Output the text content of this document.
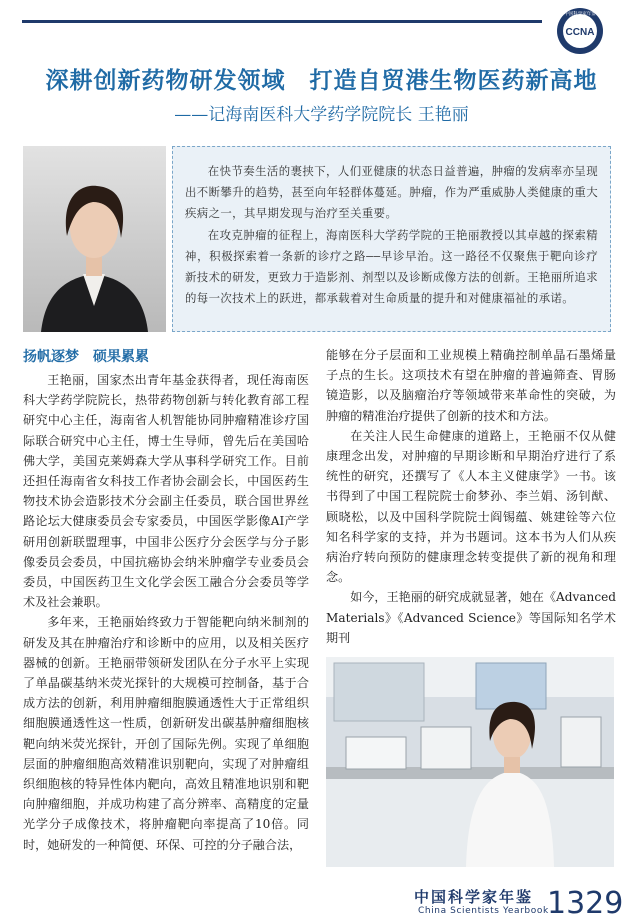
CCNA
中国科学家年鉴
深耕创新药物研发领域　打造自贸港生物医药新高地
——记海南医科大学药学院院长 王艳丽

在快节奏生活的裹挟下，人们亚健康的状态日益普遍，肿瘤的发病率亦呈现出不断攀升的趋势，甚至向年轻群体蔓延。肿瘤，作为严重威胁人类健康的重大疾病之一，其早期发现与治疗至关重要。

在攻克肿瘤的征程上，海南医科大学药学院的王艳丽教授以其卓越的探索精神，积极探索着一条新的诊疗之路——早诊早治。这一路径不仅聚焦于靶向诊疗新技术的研发，更致力于造影剂、剂型以及诊断成像方法的创新。王艳丽所追求的每一次技术上的跃进，都承载着对生命质量的提升和对健康福祉的承诺。

扬帆逐梦　硕果累累

王艳丽，国家杰出青年基金获得者，现任海南医科大学药学院院长，热带药物创新与转化教育部工程研究中心主任，海南省人机智能协同肿瘤精准诊疗国际联合研究中心主任，博士生导师，曾先后在美国哈佛大学，美国克莱姆森大学从事科学研究工作。目前还担任海南省女科技工作者协会副会长，中国医药生物技术协会造影技术分会副主任委员，联合国世界丝路论坛大健康委员会专家委员，中国医学影像AI产学研用创新联盟理事，中国非公医疗分会医学与分子影像委员会委员，中国抗癌协会纳米肿瘤学专业委员会委员，中国医药卫生文化学会医工融合分会委员等学术及社会兼职。

多年来，王艳丽始终致力于智能靶向纳米制剂的研发及其在肿瘤治疗和诊断中的应用，以及相关医疗器械的创新。王艳丽带领研发团队在分子水平上实现了单晶碳基纳米荧光探针的大规模可控制备，基于合成方法的创新，利用肿瘤细胞膜通透性大于正常组织细胞膜通透性这一性质，创新研发出碳基肿瘤细胞核靶向纳米荧光探针，开创了国际先例。实现了单细胞层面的肿瘤细胞高效精准识别靶向，实现了对肿瘤组织细胞核的特异性体内靶向，高效且精准地识别和靶向肿瘤细胞，并成功构建了高分辨率、高精度的定量光学分子成像技术，将肿瘤靶向率提高了10倍。同时，她研发的一种简便、环保、可控的分子融合法，

能够在分子层面和工业规模上精确控制单晶石墨烯量子点的生长。这项技术有望在肿瘤的普遍筛查、胃肠镜造影，以及脑瘤治疗等领域带来革命性的突破，为肿瘤的精准治疗提供了创新的技术和方法。

在关注人民生命健康的道路上，王艳丽不仅从健康理念出发，对肿瘤的早期诊断和早期治疗进行了系统性的研究，还撰写了《人本主义健康学》一书。该书得到了中国工程院院士俞梦孙、李兰娟、汤钊猷、顾晓松，以及中国科学院院士阎锡蕴、姚建铨等六位知名科学家的支持，并为书题词。这本书为人们从疾病治疗转向预防的健康理念转变提供了新的视角和理念。

如今，王艳丽的研究成就显著，她在《Advanced Materials》《Advanced Science》等国际知名学术期刊

中国科学家年鉴
China Scientists Yearbook
1329
